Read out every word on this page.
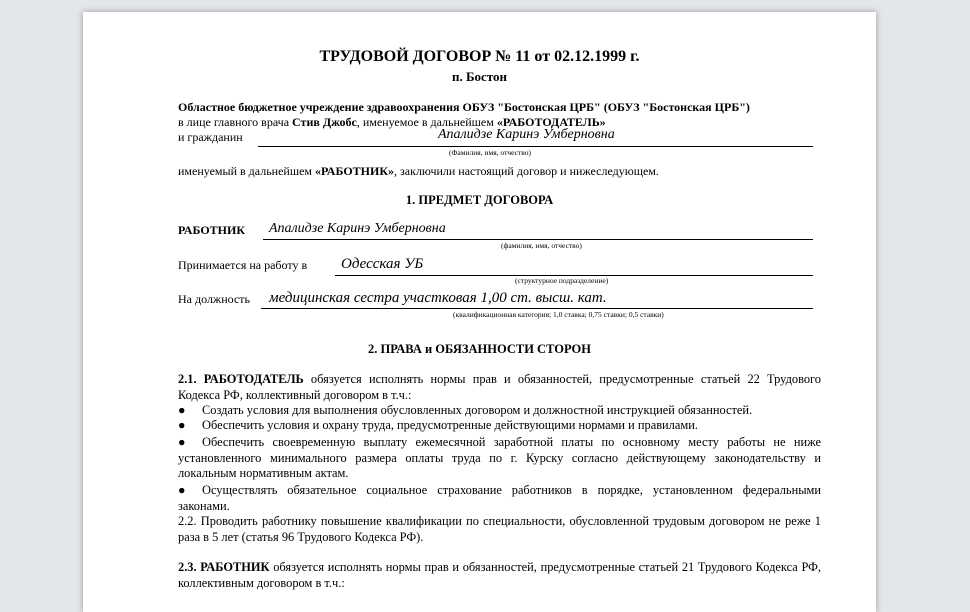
ТРУДОВОЙ ДОГОВОР № 11 от 02.12.1999 г.
п. Бостон
Областное бюджетное учреждение здравоохранения ОБУЗ "Бостонская ЦРБ" (ОБУЗ "Бостонская ЦРБ")
в лице главного врача Стив Джобс, именуемое в дальнейшем «РАБОТОДАТЕЛЬ»
и гражданин	Апалидзе Каринэ Умберновна
(Фамилия, имя, отчество)
именуемый в дальнейшем «РАБОТНИК», заключили настоящий договор и нижеследующем.
1. ПРЕДМЕТ ДОГОВОРА
РАБОТНИК Апалидзе Каринэ Умберновна
(фамилия, имя, отчество)
Принимается на работу в Одесская УБ
(структурное подразделение)
На должность медицинская сестра участковая 1,00 ст. высш. кат.
(квалификационная категория; 1,0 ставка; 0,75 ставки; 0,5 ставки)
2. ПРАВА и ОБЯЗАННОСТИ СТОРОН
2.1. РАБОТОДАТЕЛЬ обязуется исполнять нормы прав и обязанностей, предусмотренные статьей 22 Трудового Кодекса РФ, коллективный договором в т.ч.:
● Создать условия для выполнения обусловленных договором и должностной инструкцией обязанностей.
● Обеспечить условия и охрану труда, предусмотренные действующими нормами и правилами.
● Обеспечить своевременную выплату ежемесячной заработной платы по основному месту работы не ниже установленного минимального размера оплаты труда по г. Курску согласно действующему законодательству и локальным нормативным актам.
● Осуществлять обязательное социальное страхование работников в порядке, установленном федеральными законами.
2.2. Проводить работнику повышение квалификации по специальности, обусловленной трудовым договором не реже 1 раза в 5 лет (статья 96 Трудового Кодекса РФ).
2.3. РАБОТНИК обязуется исполнять нормы прав и обязанностей, предусмотренные статьей 21 Трудового Кодекса РФ, коллективным договором в т.ч.:
